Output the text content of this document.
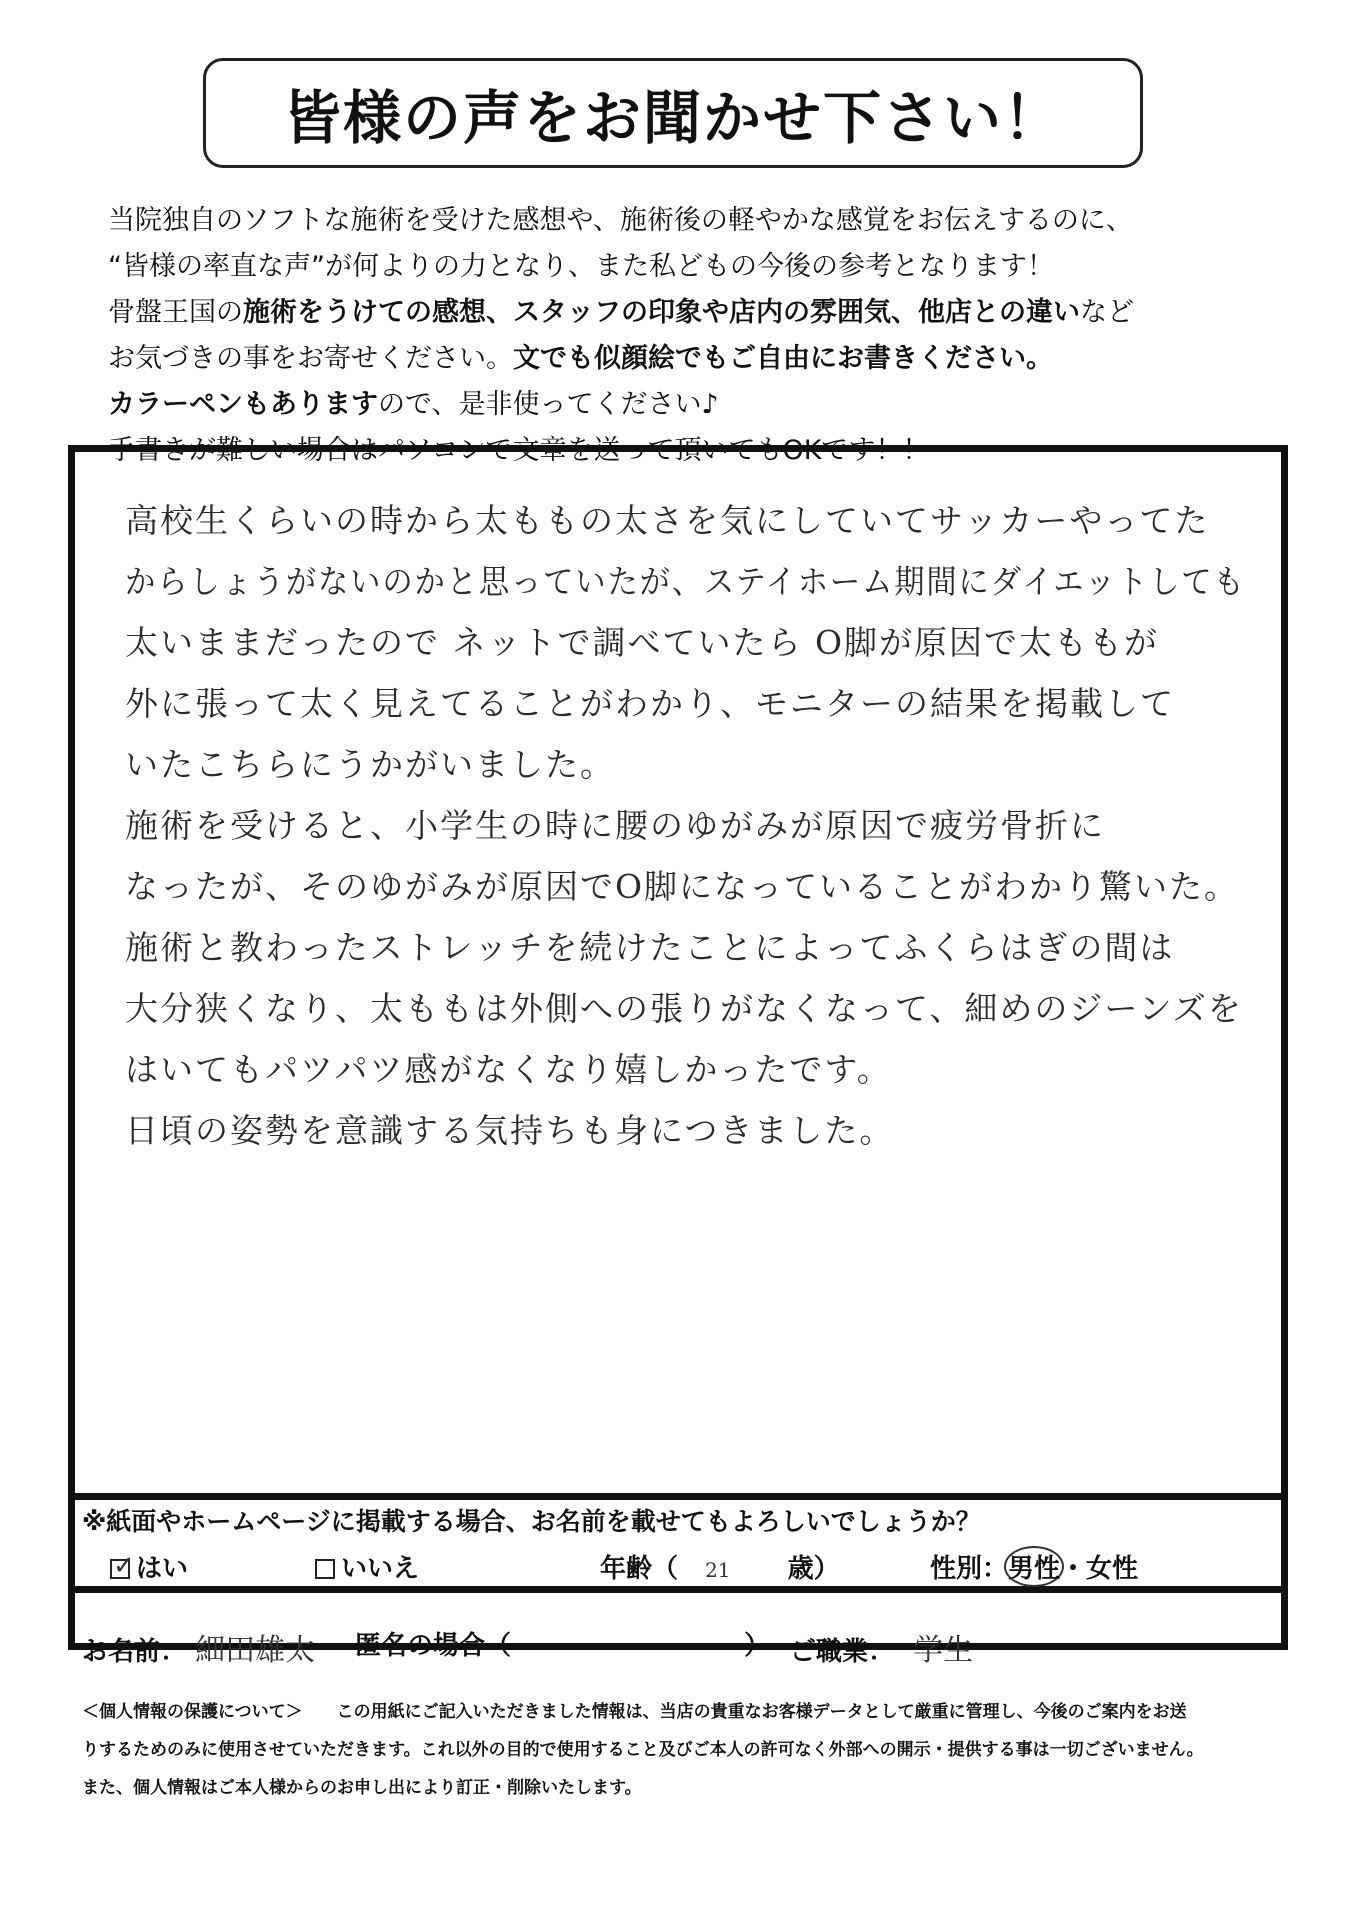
皆様の声をお聞かせ下さい！
当院独自のソフトな施術を受けた感想や、施術後の軽やかな感覚をお伝えするのに、
“皆様の率直な声”が何よりの力となり、また私どもの今後の参考となります！
骨盤王国の施術をうけての感想、スタッフの印象や店内の雰囲気、他店との違いなど
お気づきの事をお寄せください。文でも似顔絵でもご自由にお書きください。
カラーペンもありますので、是非使ってください♪
手書きが難しい場合はパソコンで文章を送って頂いてもOKです！！
高校生くらいの時から太ももの太さを気にしていてサッカーやってた
からしょうがないのかと思っていたが、ステイホーム期間にダイエットしても
太いままだったので ネットで調べていたら O脚が原因で太ももが
外に張って太く見えてることがわかり、モニターの結果を掲載して
いたこちらにうかがいました。
施術を受けると、小学生の時に腰のゆがみが原因で疲労骨折に
なったが、そのゆがみが原因でO脚になっていることがわかり驚いた。
施術と教わったストレッチを続けたことによってふくらはぎの間は
大分狭くなり、太ももは外側への張りがなくなって、細めのジーンズを
はいてもパツパツ感がなくなり嬉しかったです。
日頃の姿勢を意識する気持ちも身につきました。
※紙面やホームページに掲載する場合、お名前を載せてもよろしいでしょうか？
✓ はい	いいえ	年齢（ 21 歳）	性別：男性・女性
お名前： 細田雄太 匿名の場合（	） ご職業： 学生
＜個人情報の保護について＞　　この用紙にご記入いただきました情報は、当店の貴重なお客様データとして厳重に管理し、今後のご案内をお送
りするためのみに使用させていただきます。これ以外の目的で使用すること及びご本人の許可なく外部への開示・提供する事は一切ございません。
また、個人情報はご本人様からのお申し出により訂正・削除いたします。
